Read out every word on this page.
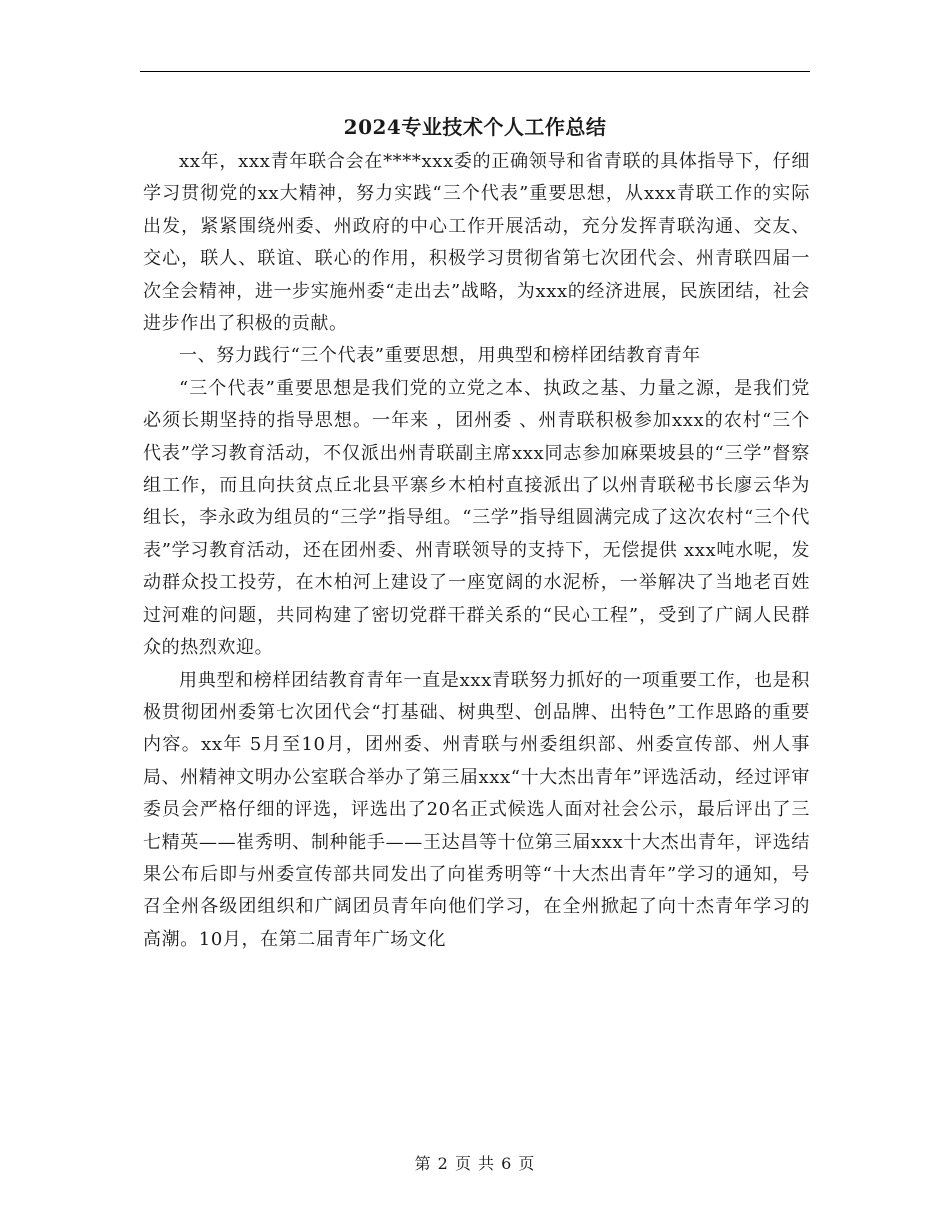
2024专业技术个人工作总结

xx年，xxx青年联合会在****xxx委的正确领导和省青联的具体指导下，仔细学习贯彻党的xx大精神，努力实践“三个代表”重要思想，从xxx青联工作的实际出发，紧紧围绕州委、州政府的中心工作开展活动，充分发挥青联沟通、交友、交心，联人、联谊、联心的作用，积极学习贯彻省第七次团代会、州青联四届一次全会精神，进一步实施州委“走出去”战略，为xxx的经济进展，民族团结，社会进步作出了积极的贡献。

一、努力践行“三个代表”重要思想，用典型和榜样团结教育青年

“三个代表”重要思想是我们党的立党之本、执政之基、力量之源，是我们党必须长期坚持的指导思想。一年来 ，团州委 、州青联积极参加xxx的农村“三个代表”学习教育活动，不仅派出州青联副主席xxx同志参加麻栗坡县的“三学”督察组工作，而且向扶贫点丘北县平寨乡木柏村直接派出了以州青联秘书长廖云华为组长，李永政为组员的“三学”指导组。“三学”指导组圆满完成了这次农村“三个代表”学习教育活动，还在团州委、州青联领导的支持下，无偿提供 xxx吨水呢，发动群众投工投劳，在木柏河上建设了一座宽阔的水泥桥，一举解决了当地老百姓过河难的问题，共同构建了密切党群干群关系的“民心工程”，受到了广阔人民群众的热烈欢迎。

用典型和榜样团结教育青年一直是xxx青联努力抓好的一项重要工作，也是积极贯彻团州委第七次团代会“打基础、树典型、创品牌、出特色”工作思路的重要内容。xx年 5月至10月，团州委、州青联与州委组织部、州委宣传部、州人事局、州精神文明办公室联合举办了第三届xxx“十大杰出青年”评选活动，经过评审委员会严格仔细的评选，评选出了20名正式候选人面对社会公示，最后评出了三七精英——崔秀明、制种能手——王达昌等十位第三届xxx十大杰出青年，评选结果公布后即与州委宣传部共同发出了向崔秀明等“十大杰出青年”学习的通知，号召全州各级团组织和广阔团员青年向他们学习，在全州掀起了向十杰青年学习的高潮。10月，在第二届青年广场文化

第 2 页 共 6 页
